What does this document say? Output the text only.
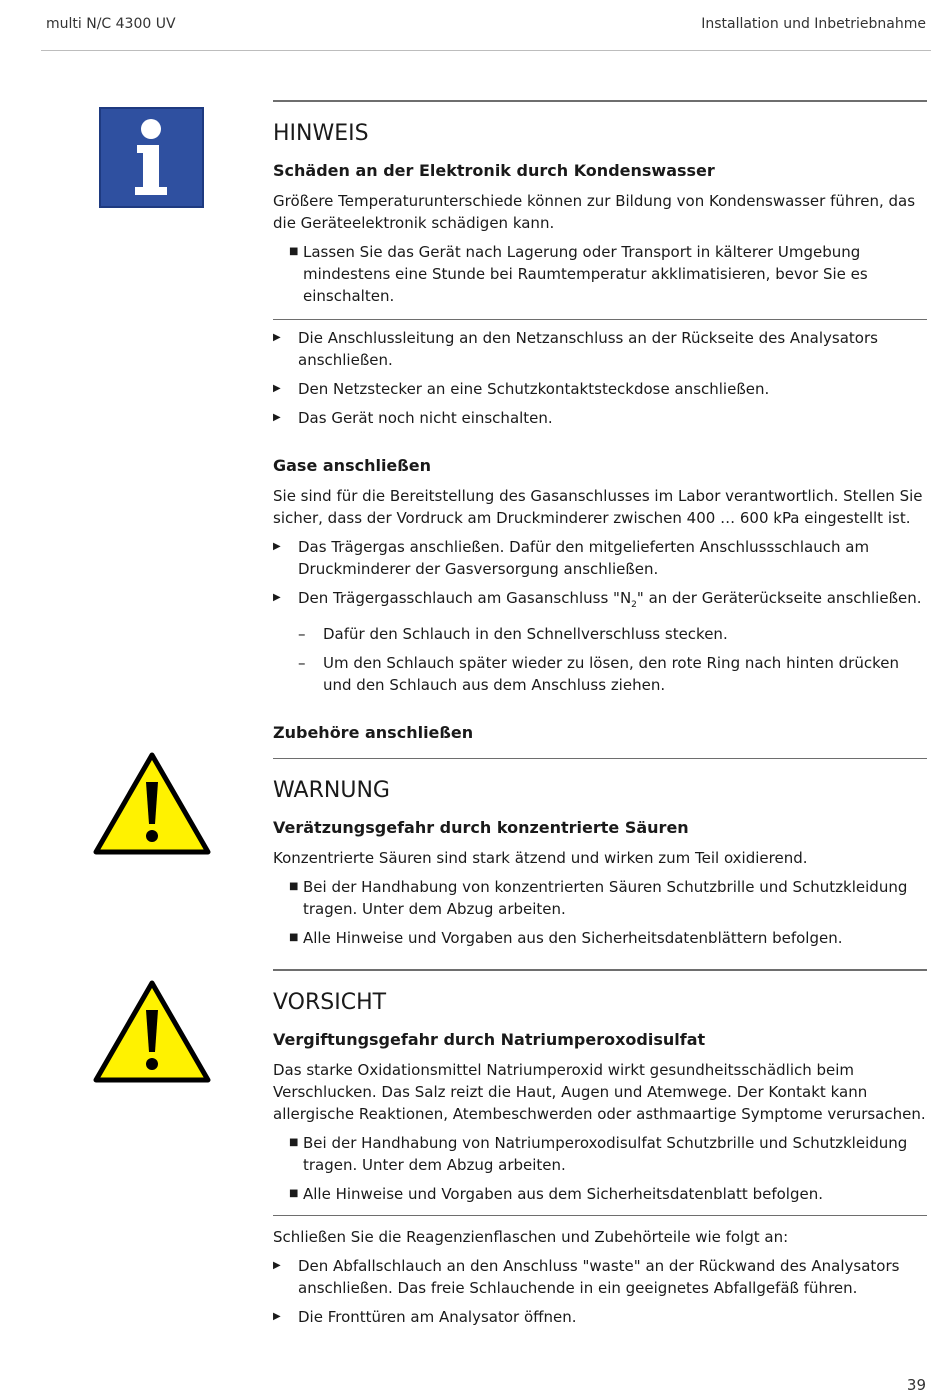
multi N/C 4300 UV	Installation und Inbetriebnahme
HINWEIS
Schäden an der Elektronik durch Kondenswasser

Größere Temperaturunterschiede können zur Bildung von Kondenswasser führen, das die Geräteelektronik schädigen kann.

■ Lassen Sie das Gerät nach Lagerung oder Transport in kälterer Umgebung mindestens eine Stunde bei Raumtemperatur akklimatisieren, bevor Sie es einschalten.
▶	Die Anschlussleitung an den Netzanschluss an der Rückseite des Analysators anschließen.
▶	Den Netzstecker an eine Schutzkontaktsteckdose anschließen.
▶	Das Gerät noch nicht einschalten.
Gase anschließen

Sie sind für die Bereitstellung des Gasanschlusses im Labor verantwortlich. Stellen Sie sicher, dass der Vordruck am Druckminderer zwischen 400 … 600 kPa eingestellt ist.

▶	Das Trägergas anschließen. Dafür den mitgelieferten Anschlussschlauch am Druckminderer der Gasversorgung anschließen.
▶	Den Trägergasschlauch am Gasanschluss "$N_2$" an der Geräterückseite anschließen.
–	Dafür den Schlauch in den Schnellverschluss stecken.
–	Um den Schlauch später wieder zu lösen, den rote Ring nach hinten drücken und den Schlauch aus dem Anschluss ziehen.
Zubehöre anschließen
WARNUNG
Verätzungsgefahr durch konzentrierte Säuren

Konzentrierte Säuren sind stark ätzend und wirken zum Teil oxidierend.

■ Bei der Handhabung von konzentrierten Säuren Schutzbrille und Schutzkleidung tragen. Unter dem Abzug arbeiten.
■ Alle Hinweise und Vorgaben aus den Sicherheitsdatenblättern befolgen.
VORSICHT
Vergiftungsgefahr durch Natriumperoxodisulfat

Das starke Oxidationsmittel Natriumperoxid wirkt gesundheitsschädlich beim Verschlucken. Das Salz reizt die Haut, Augen und Atemwege. Der Kontakt kann allergische Reaktionen, Atembeschwerden oder asthmaartige Symptome verursachen.

■ Bei der Handhabung von Natriumperoxodisulfat Schutzbrille und Schutzkleidung tragen. Unter dem Abzug arbeiten.
■ Alle Hinweise und Vorgaben aus dem Sicherheitsdatenblatt befolgen.

Schließen Sie die Reagenzienflaschen und Zubehörteile wie folgt an:

▶	Den Abfallschlauch an den Anschluss "waste" an der Rückwand des Analysators anschließen. Das freie Schlauchende in ein geeignetes Abfallgefäß führen.
▶	Die Fronttüren am Analysator öffnen.
39
